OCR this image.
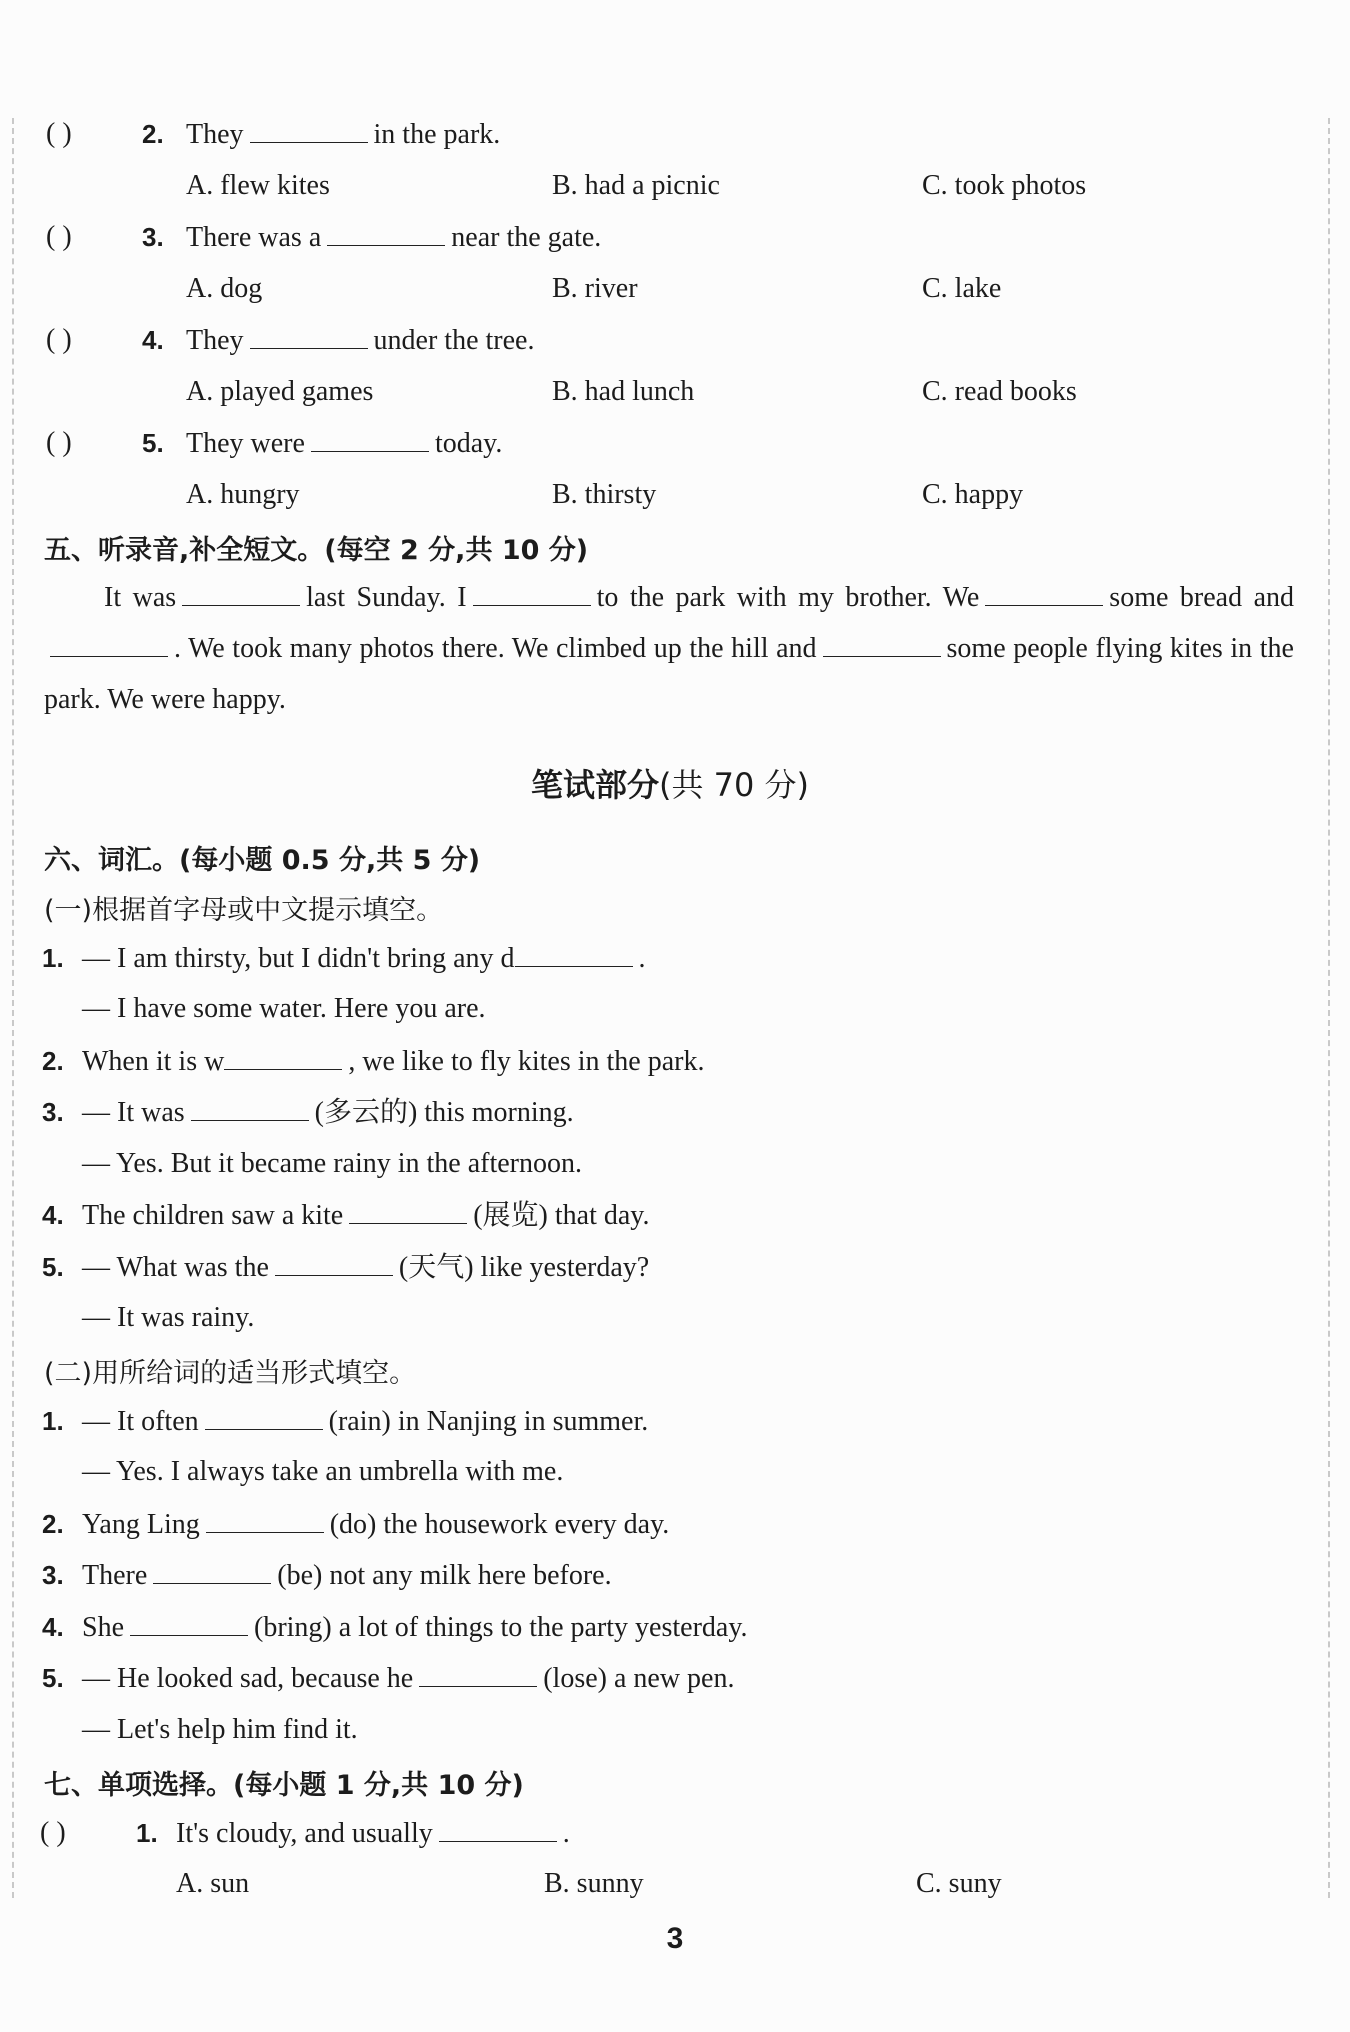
( )	2. They	in the park.
A. flew kites	B. had a picnic	C. took photos
( )	3. There was a	near the gate.
A. dog	B. river	C. lake
( )	4. They	under the tree.
A. played games	B. had lunch	C. read books
( )	5. They were	today.
A. hungry	B. thirsty	C. happy
五、听录音,补全短文。(每空 2 分,共 10 分)
It was	last Sunday. I	to the park with my brother. We	some bread and. We took many photos there. We climbed up the hill and	some people flying kites in the park. We were happy.
笔试部分(共 70 分)
六、词汇。(每小题 0.5 分,共 5 分)
(一)根据首字母或中文提示填空。
1. — I am thirsty, but I didn't bring any d	.
— I have some water. Here you are.
2. When it is w	, we like to fly kites in the park.
3. — It was	(多云的) this morning.
— Yes. But it became rainy in the afternoon.
4. The children saw a kite	(展览) that day.
5. — What was the	(天气) like yesterday?
— It was rainy.
(二)用所给词的适当形式填空。
1. — It often	(rain) in Nanjing in summer.
— Yes. I always take an umbrella with me.
2. Yang Ling	(do) the housework every day.
3. There	(be) not any milk here before.
4. She	(bring) a lot of things to the party yesterday.
5. — He looked sad, because he	(lose) a new pen.
— Let's help him find it.
七、单项选择。(每小题 1 分,共 10 分)
( )	1. It's cloudy, and usually	.
A. sun	B. sunny	C. suny
3
